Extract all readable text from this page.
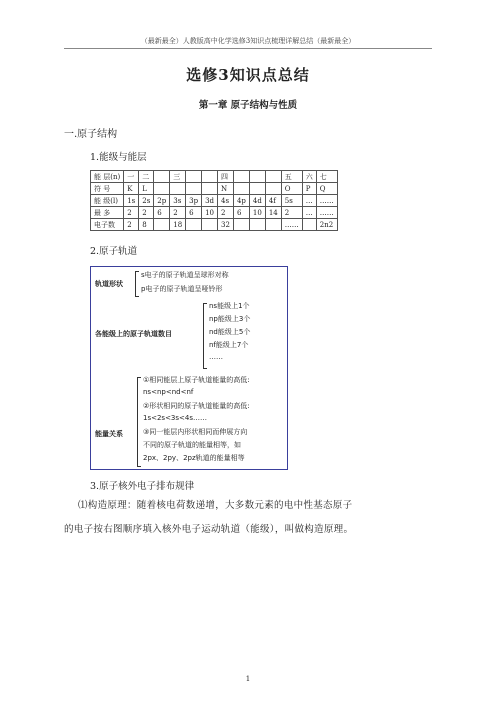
（最新最全）人教版高中化学选修3知识点梳理详解总结（最新最全）
选修3知识点总结
第一章 原子结构与性质
一.原子结构
1.能级与能层
能 层(n)	一	二		三			四				五	六	七
符 号	K	L					N				O	P	Q
能 级(l)	1s	2s	2p	3s	3p	3d	4s	4p	4d	4f	5s	…	……
最 多	2	2	6	2	6	10	2	6	10	14	2	…	……
电子数	2	8		18			32				……		2n2
2.原子轨道
轨道形状
s电子的原子轨道呈球形对称
p电子的原子轨道呈哑铃形
各能级上的原子轨道数目
ns能级上1个
np能级上3个
nd能级上5个
nf能级上7个
……
能量关系
①相同能层上原子轨道能量的高低:
ns<np<nd<nf
②形状相同的原子轨道能量的高低:
1s<2s<3s<4s……
③同一能层内形状相同而伸展方向
不同的原子轨道的能量相等，如
2px、2py、2pz轨道的能量相等
3.原子核外电子排布规律
⑴构造原理：随着核电荷数递增，大多数元素的电中性基态原子
的电子按右图顺序填入核外电子运动轨道（能级），叫做构造原理。
1
